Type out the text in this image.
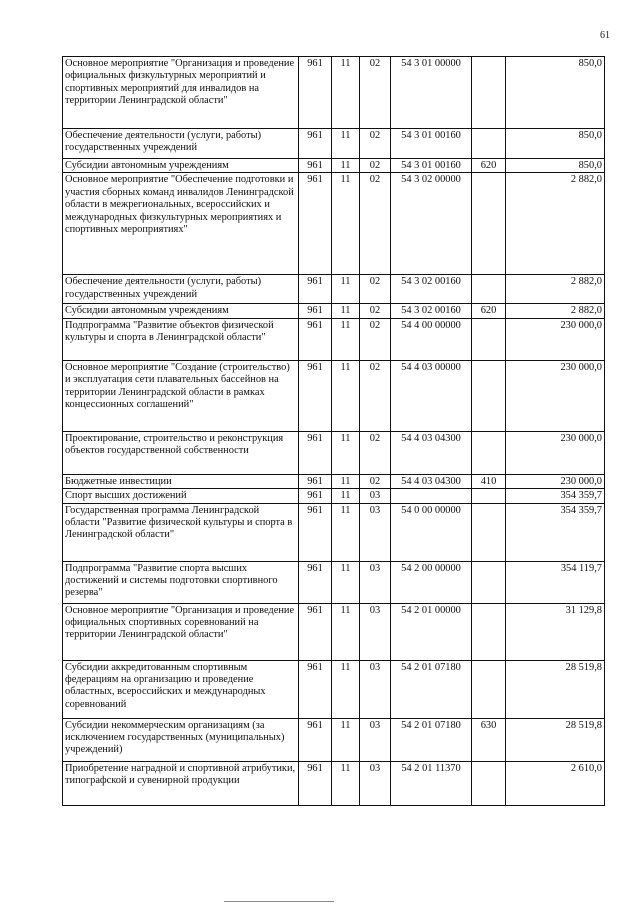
61
Основное мероприятие "Организация и проведение официальных физкультурных мероприятий и спортивных мероприятий для инвалидов на территории Ленинградской области"	961	11	02	54 3 01 00000		850,0
Обеспечение деятельности (услуги, работы) государственных учреждений	961	11	02	54 3 01 00160		850,0
Субсидии автономным учреждениям	961	11	02	54 3 01 00160	620	850,0
Основное мероприятие "Обеспечение подготовки и участия сборных команд инвалидов Ленинградской области в межрегиональных, всероссийских и международных физкультурных мероприятиях и спортивных мероприятиях"	961	11	02	54 3 02 00000		2 882,0
Обеспечение деятельности (услуги, работы) государственных учреждений	961	11	02	54 3 02 00160		2 882,0
Субсидии автономным учреждениям	961	11	02	54 3 02 00160	620	2 882,0
Подпрограмма "Развитие объектов физической культуры и спорта в Ленинградской области"	961	11	02	54 4 00 00000		230 000,0
Основное мероприятие "Создание (строительство) и эксплуатация сети плавательных бассейнов на территории Ленинградской области в рамках концессионных соглашений"	961	11	02	54 4 03 00000		230 000,0
Проектирование, строительство и реконструкция объектов государственной собственности	961	11	02	54 4 03 04300		230 000,0
Бюджетные инвестиции	961	11	02	54 4 03 04300	410	230 000,0
Спорт высших достижений	961	11	03			354 359,7
Государственная программа Ленинградской области "Развитие физической культуры и спорта в Ленинградской области"	961	11	03	54 0 00 00000		354 359,7
Подпрограмма "Развитие спорта высших достижений и системы подготовки спортивного резерва"	961	11	03	54 2 00 00000		354 119,7
Основное мероприятие "Организация и проведение официальных спортивных соревнований на территории Ленинградской области"	961	11	03	54 2 01 00000		31 129,8
Субсидии аккредитованным спортивным федерациям на организацию и проведение областных, всероссийских и международных соревнований	961	11	03	54 2 01 07180		28 519,8
Субсидии некоммерческим организациям (за исключением государственных (муниципальных) учреждений)	961	11	03	54 2 01 07180	630	28 519,8
Приобретение наградной и спортивной атрибутики, типографской и сувенирной продукции	961	11	03	54 2 01 11370		2 610,0
